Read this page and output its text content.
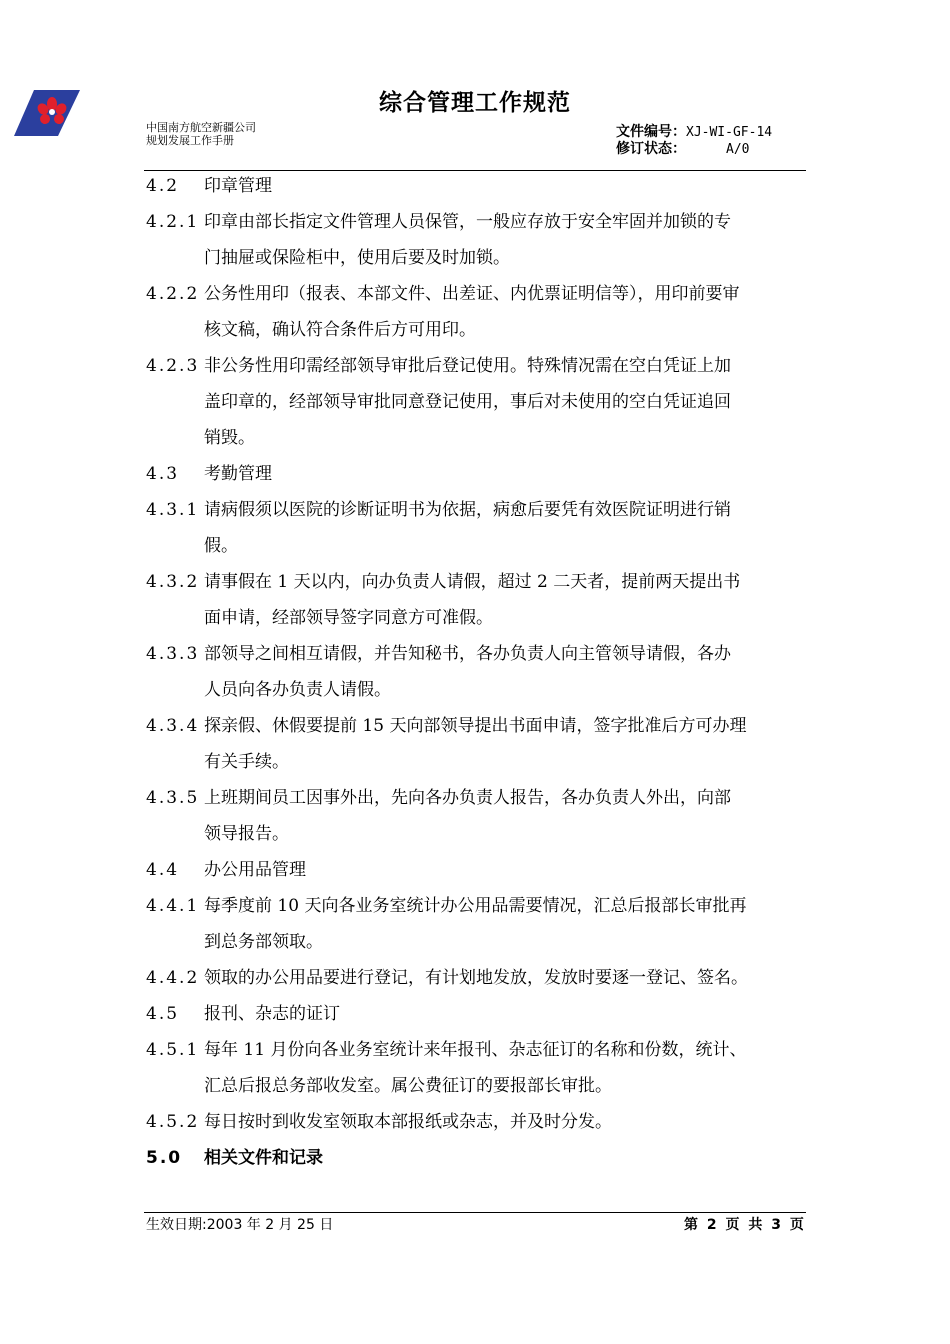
综合管理工作规范
中国南方航空新疆公司
规划发展工作手册
文件编号：XJ-WI-GF-14
修订状态：	A/0
4.2 印章管理
4.2.1 印章由部长指定文件管理人员保管，一般应存放于安全牢固并加锁的专
门抽屉或保险柜中，使用后要及时加锁。
4.2.2 公务性用印（报表、本部文件、出差证、内优票证明信等），用印前要审
核文稿，确认符合条件后方可用印。
4.2.3 非公务性用印需经部领导审批后登记使用。特殊情况需在空白凭证上加
盖印章的，经部领导审批同意登记使用，事后对未使用的空白凭证追回
销毁。
4.3 考勤管理
4.3.1 请病假须以医院的诊断证明书为依据，病愈后要凭有效医院证明进行销
假。
4.3.2 请事假在 1 天以内，向办负责人请假，超过 2 二天者，提前两天提出书
面申请，经部领导签字同意方可准假。
4.3.3 部领导之间相互请假，并告知秘书，各办负责人向主管领导请假，各办
人员向各办负责人请假。
4.3.4 探亲假、休假要提前 15 天向部领导提出书面申请，签字批准后方可办理
有关手续。
4.3.5 上班期间员工因事外出，先向各办负责人报告，各办负责人外出，向部
领导报告。
4.4 办公用品管理
4.4.1 每季度前 10 天向各业务室统计办公用品需要情况，汇总后报部长审批再
到总务部领取。
4.4.2 领取的办公用品要进行登记，有计划地发放，发放时要逐一登记、签名。
4.5 报刊、杂志的证订
4.5.1 每年 11 月份向各业务室统计来年报刊、杂志征订的名称和份数，统计、
汇总后报总务部收发室。属公费征订的要报部长审批。
4.5.2 每日按时到收发室领取本部报纸或杂志，并及时分发。
5.0 相关文件和记录
生效日期:2003 年 2 月 25 日	第 2 页 共 3 页
